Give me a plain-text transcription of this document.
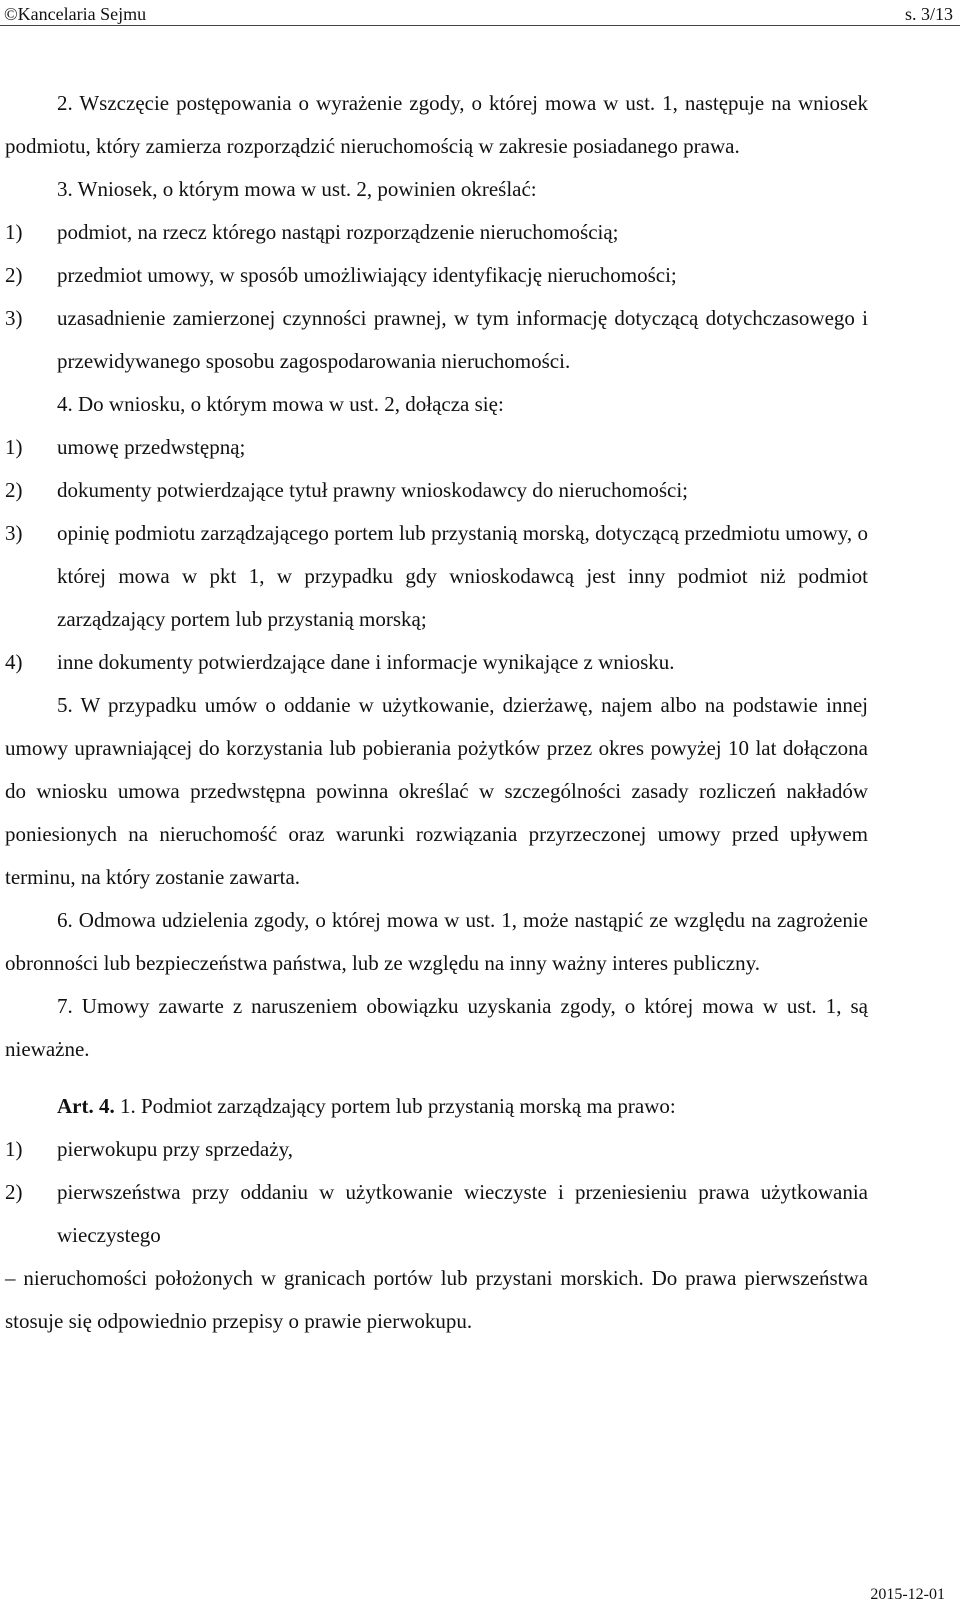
©Kancelaria Sejmu	s. 3/13

2. Wszczęcie postępowania o wyrażenie zgody, o której mowa w ust. 1, następuje na wniosek podmiotu, który zamierza rozporządzić nieruchomością w zakresie posiadanego prawa.

3. Wniosek, o którym mowa w ust. 2, powinien określać:

1)	podmiot, na rzecz którego nastąpi rozporządzenie nieruchomością;
2)	przedmiot umowy, w sposób umożliwiający identyfikację nieruchomości;
3)	uzasadnienie zamierzonej czynności prawnej, w tym informację dotyczącą dotychczasowego i przewidywanego sposobu zagospodarowania nieruchomości.

4. Do wniosku, o którym mowa w ust. 2, dołącza się:

1)	umowę przedwstępną;
2)	dokumenty potwierdzające tytuł prawny wnioskodawcy do nieruchomości;
3)	opinię podmiotu zarządzającego portem lub przystanią morską, dotyczącą przedmiotu umowy, o której mowa w pkt 1, w przypadku gdy wnioskodawcą jest inny podmiot niż podmiot zarządzający portem lub przystanią morską;
4)	inne dokumenty potwierdzające dane i informacje wynikające z wniosku.

5. W przypadku umów o oddanie w użytkowanie, dzierżawę, najem albo na podstawie innej umowy uprawniającej do korzystania lub pobierania pożytków przez okres powyżej 10 lat dołączona do wniosku umowa przedwstępna powinna określać w szczególności zasady rozliczeń nakładów poniesionych na nieruchomość oraz warunki rozwiązania przyrzeczonej umowy przed upływem terminu, na który zostanie zawarta.

6. Odmowa udzielenia zgody, o której mowa w ust. 1, może nastąpić ze względu na zagrożenie obronności lub bezpieczeństwa państwa, lub ze względu na inny ważny interes publiczny.

7. Umowy zawarte z naruszeniem obowiązku uzyskania zgody, o której mowa w ust. 1, są nieważne.

Art. 4. 1. Podmiot zarządzający portem lub przystanią morską ma prawo:

1)	pierwokupu przy sprzedaży,
2)	pierwszeństwa przy oddaniu w użytkowanie wieczyste i przeniesieniu prawa użytkowania wieczystego

– nieruchomości położonych w granicach portów lub przystani morskich. Do prawa pierwszeństwa stosuje się odpowiednio przepisy o prawie pierwokupu.

2015-12-01
